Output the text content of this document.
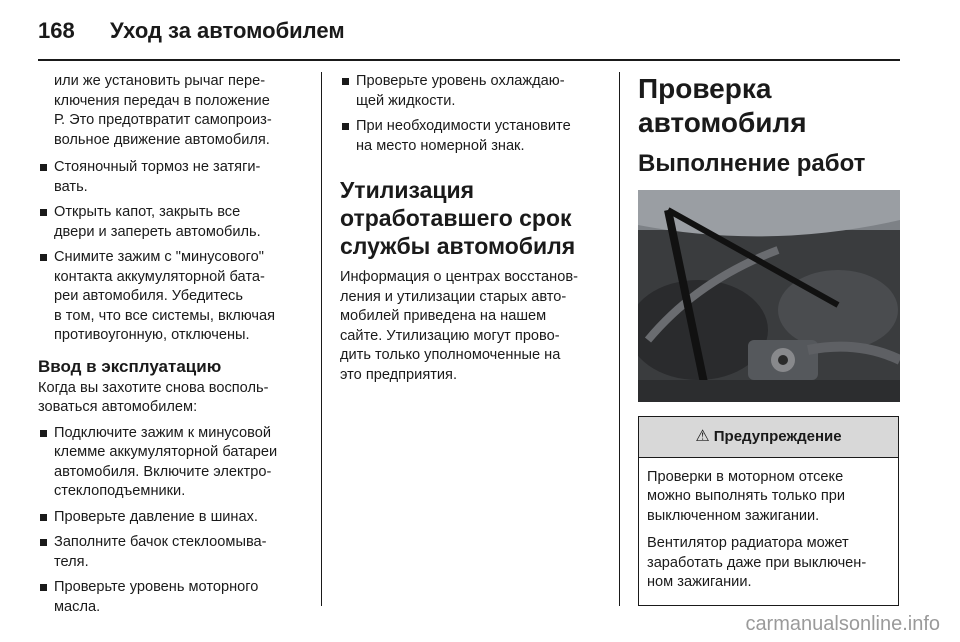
168	Уход за автомобилем

или же установить рычаг пере-
ключения передач в положение
Р. Это предотвратит самопроиз-
вольное движение автомобиля.

Стояночный тормоз не затяги-
вать.
Открыть капот, закрыть все
двери и запереть автомобиль.
Снимите зажим с "минусового"
контакта аккумуляторной бата-
реи автомобиля. Убедитесь
в том, что все системы, включая
противоугонную, отключены.
Ввод в эксплуатацию

Когда вы захотите снова восполь-
зоваться автомобилем:

Подключите зажим к минусовой
клемме аккумуляторной батареи
автомобиля. Включите электро-
стеклоподъемники.
Проверьте давление в шинах.
Заполните бачок стеклоомыва-
теля.
Проверьте уровень моторного
масла.
Проверьте уровень охлаждаю-
щей жидкости.
При необходимости установите
на место номерной знак.
Утилизация
отработавшего срок
службы автомобиля

Информация о центрах восстанов-
ления и утилизации старых авто-
мобилей приведена на нашем
сайте. Утилизацию могут прово-
дить только уполномоченные на
это предприятия.

Проверка автомобиля
Выполнение работ
⚠ Предупреждение

Проверки в моторном отсеке
можно выполнять только при
выключенном зажигании.

Вентилятор радиатора может
заработать даже при выключен-
ном зажигании.

carmanualsonline.info
